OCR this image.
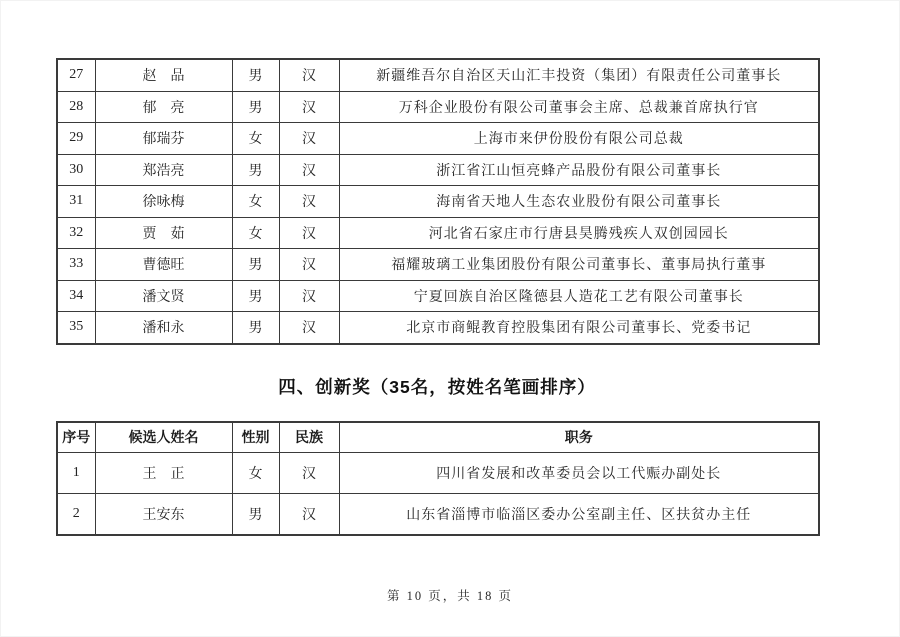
27	赵　品	男	汉	新疆维吾尔自治区天山汇丰投资（集团）有限责任公司董事长
28	郁　亮	男	汉	万科企业股份有限公司董事会主席、总裁兼首席执行官
29	郁瑞芬	女	汉	上海市来伊份股份有限公司总裁
30	郑浩亮	男	汉	浙江省江山恒亮蜂产品股份有限公司董事长
31	徐咏梅	女	汉	海南省天地人生态农业股份有限公司董事长
32	贾　茹	女	汉	河北省石家庄市行唐县昊腾残疾人双创园园长
33	曹德旺	男	汉	福耀玻璃工业集团股份有限公司董事长、董事局执行董事
34	潘文贤	男	汉	宁夏回族自治区隆德县人造花工艺有限公司董事长
35	潘和永	男	汉	北京市商鲲教育控股集团有限公司董事长、党委书记
四、创新奖（35名，按姓名笔画排序）
序号	候选人姓名	性别	民族	职务
1	王　正	女	汉	四川省发展和改革委员会以工代赈办副处长
2	王安东	男	汉	山东省淄博市临淄区委办公室副主任、区扶贫办主任
第 10 页，共 18 页
